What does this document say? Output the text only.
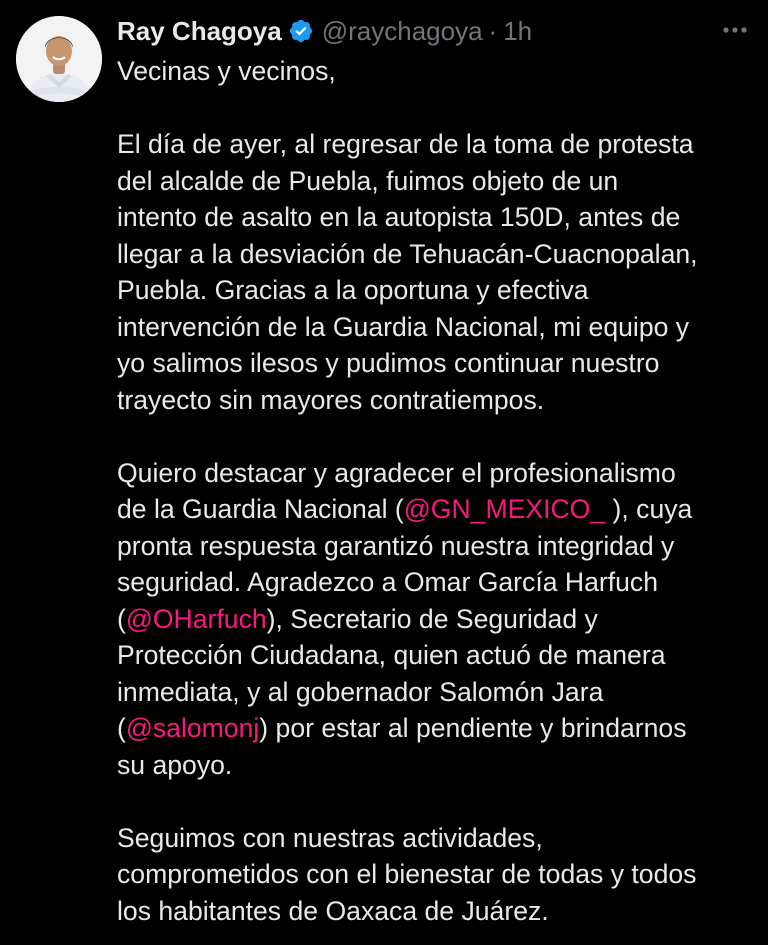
Ray Chagoya @raychagoya · 1h

Vecinas y vecinos,

El día de ayer, al regresar de la toma de protesta

del alcalde de Puebla, fuimos objeto de un

intento de asalto en la autopista 150D, antes de

llegar a la desviación de Tehuacán-Cuacnopalan,

Puebla. Gracias a la oportuna y efectiva

intervención de la Guardia Nacional, mi equipo y

yo salimos ilesos y pudimos continuar nuestro

trayecto sin mayores contratiempos.

Quiero destacar y agradecer el profesionalismo

de la Guardia Nacional (@GN_MEXICO_ ), cuya

pronta respuesta garantizó nuestra integridad y

seguridad. Agradezco a Omar García Harfuch

(@OHarfuch), Secretario de Seguridad y

Protección Ciudadana, quien actuó de manera

inmediata, y al gobernador Salomón Jara

(@salomonj) por estar al pendiente y brindarnos

su apoyo.

Seguimos con nuestras actividades,

comprometidos con el bienestar de todas y todos

los habitantes de Oaxaca de Juárez.
